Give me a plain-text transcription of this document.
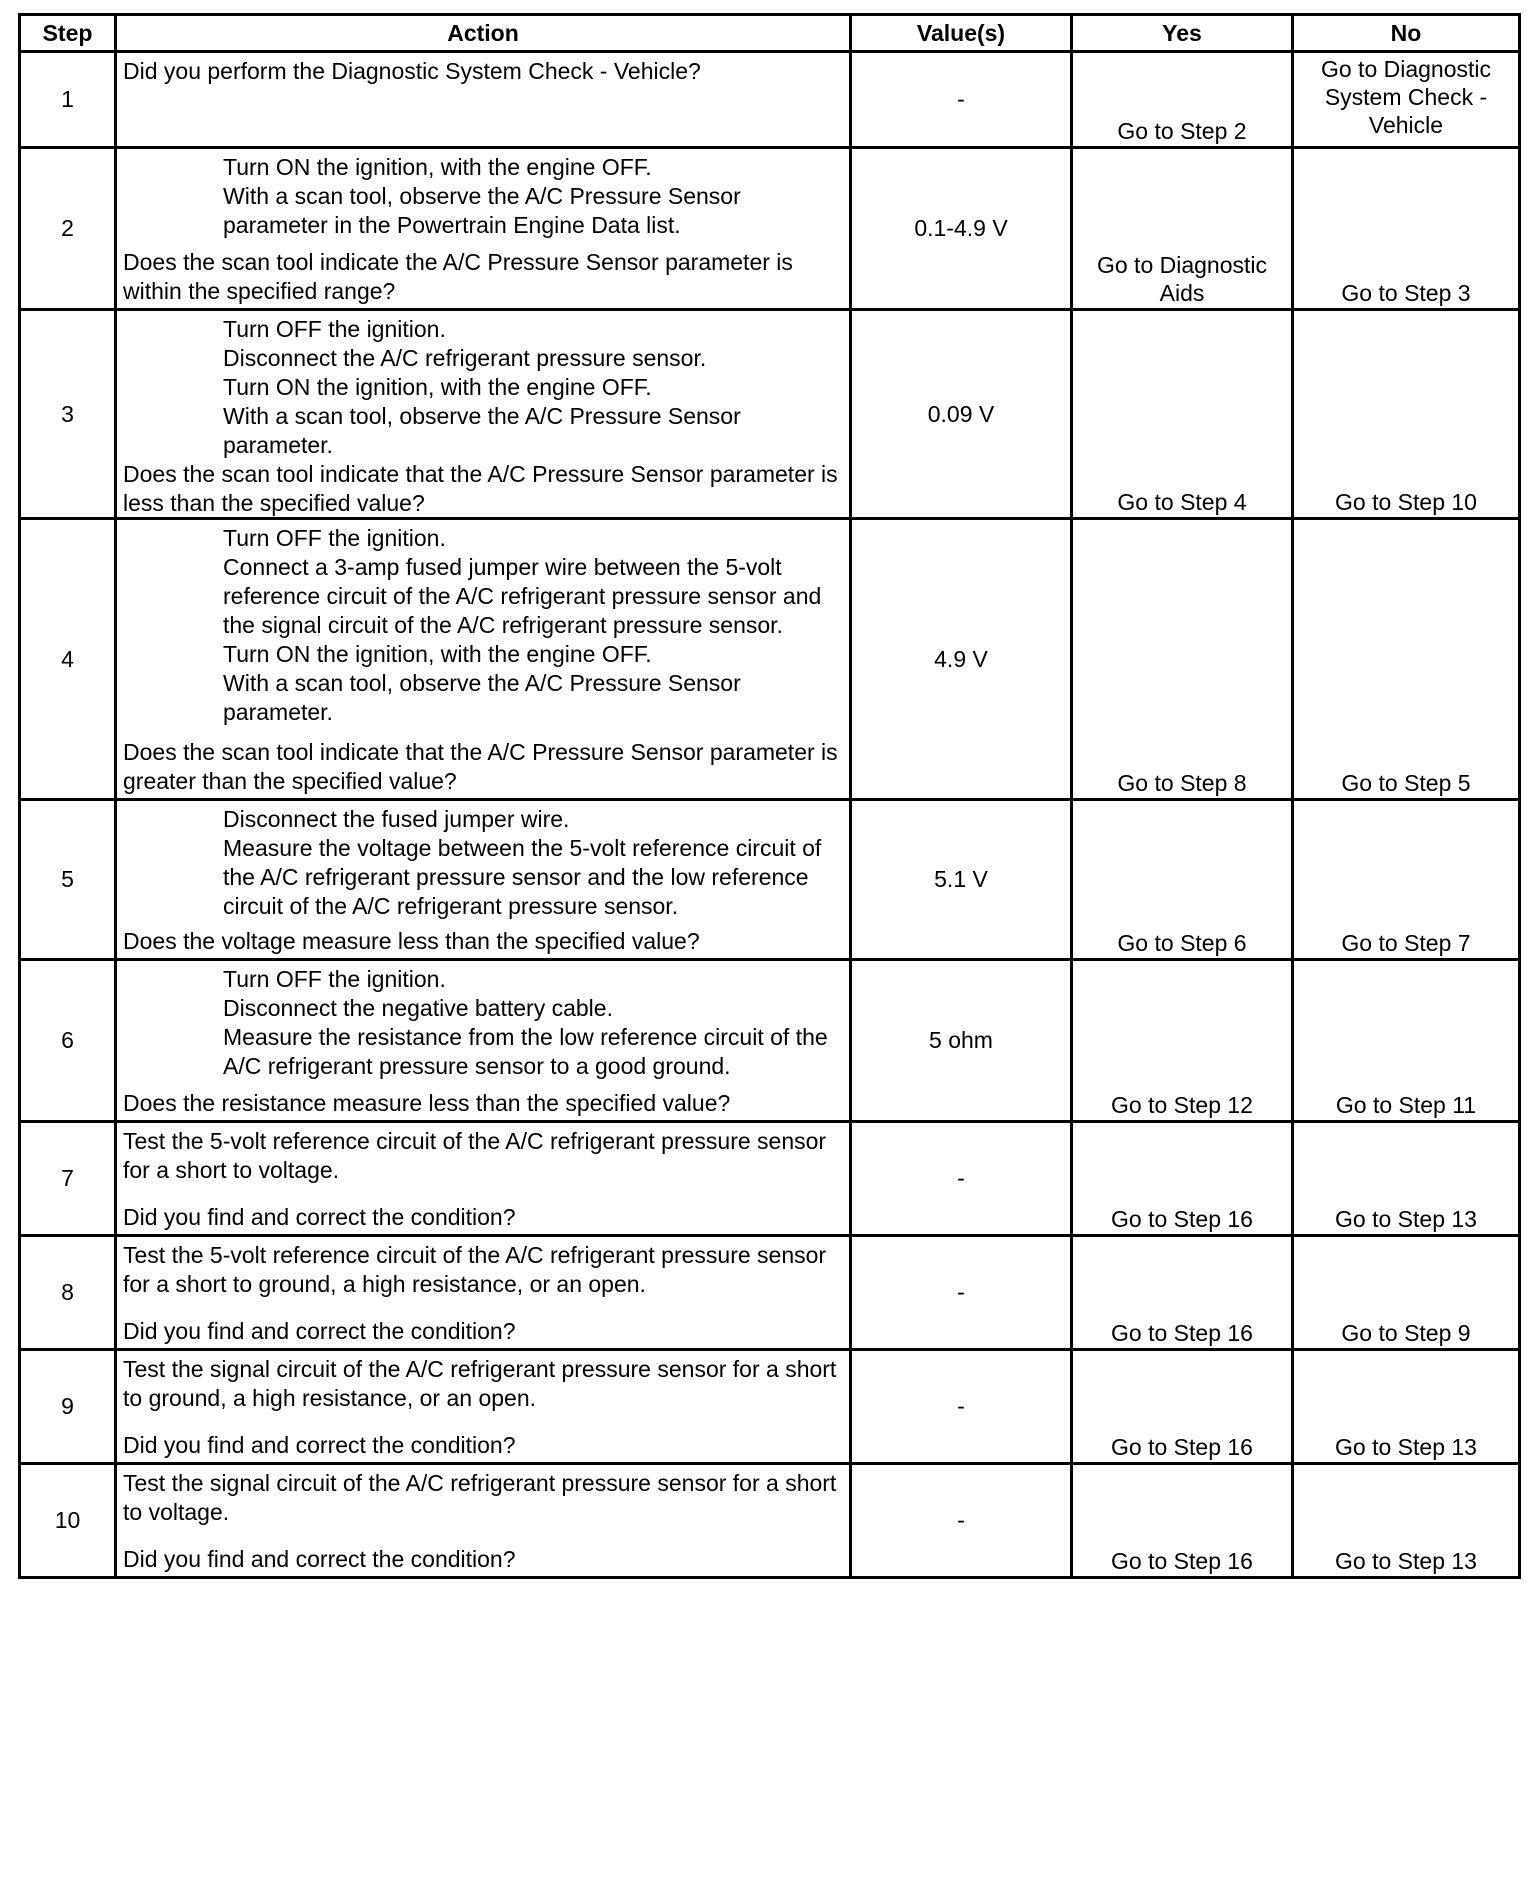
Step	Action	Value(s)	Yes	No
1	Did you perform the Diagnostic System Check - Vehicle?	-	Go to Step 2	Go to Diagnostic System Check - Vehicle
2	Turn ON the ignition, with the engine OFF.
With a scan tool, observe the A/C Pressure Sensor parameter in the Powertrain Engine Data list.
Does the scan tool indicate the A/C Pressure Sensor parameter is within the specified range?	0.1-4.9 V	Go to Diagnostic Aids	Go to Step 3
3	Turn OFF the ignition.
Disconnect the A/C refrigerant pressure sensor.
Turn ON the ignition, with the engine OFF.
With a scan tool, observe the A/C Pressure Sensor parameter.
Does the scan tool indicate that the A/C Pressure Sensor parameter is less than the specified value?	0.09 V	Go to Step 4	Go to Step 10
4	Turn OFF the ignition.
Connect a 3-amp fused jumper wire between the 5-volt reference circuit of the A/C refrigerant pressure sensor and the signal circuit of the A/C refrigerant pressure sensor.
Turn ON the ignition, with the engine OFF.
With a scan tool, observe the A/C Pressure Sensor parameter.
Does the scan tool indicate that the A/C Pressure Sensor parameter is greater than the specified value?	4.9 V	Go to Step 8	Go to Step 5
5	Disconnect the fused jumper wire.
Measure the voltage between the 5-volt reference circuit of the A/C refrigerant pressure sensor and the low reference circuit of the A/C refrigerant pressure sensor.
Does the voltage measure less than the specified value?	5.1 V	Go to Step 6	Go to Step 7
6	Turn OFF the ignition.
Disconnect the negative battery cable.
Measure the resistance from the low reference circuit of the A/C refrigerant pressure sensor to a good ground.
Does the resistance measure less than the specified value?	5 ohm	Go to Step 12	Go to Step 11
7	Test the 5-volt reference circuit of the A/C refrigerant pressure sensor for a short to voltage.
Did you find and correct the condition?	-	Go to Step 16	Go to Step 13
8	Test the 5-volt reference circuit of the A/C refrigerant pressure sensor for a short to ground, a high resistance, or an open.
Did you find and correct the condition?	-	Go to Step 16	Go to Step 9
9	Test the signal circuit of the A/C refrigerant pressure sensor for a short to ground, a high resistance, or an open.
Did you find and correct the condition?	-	Go to Step 16	Go to Step 13
10	Test the signal circuit of the A/C refrigerant pressure sensor for a short to voltage.
Did you find and correct the condition?	-	Go to Step 16	Go to Step 13
